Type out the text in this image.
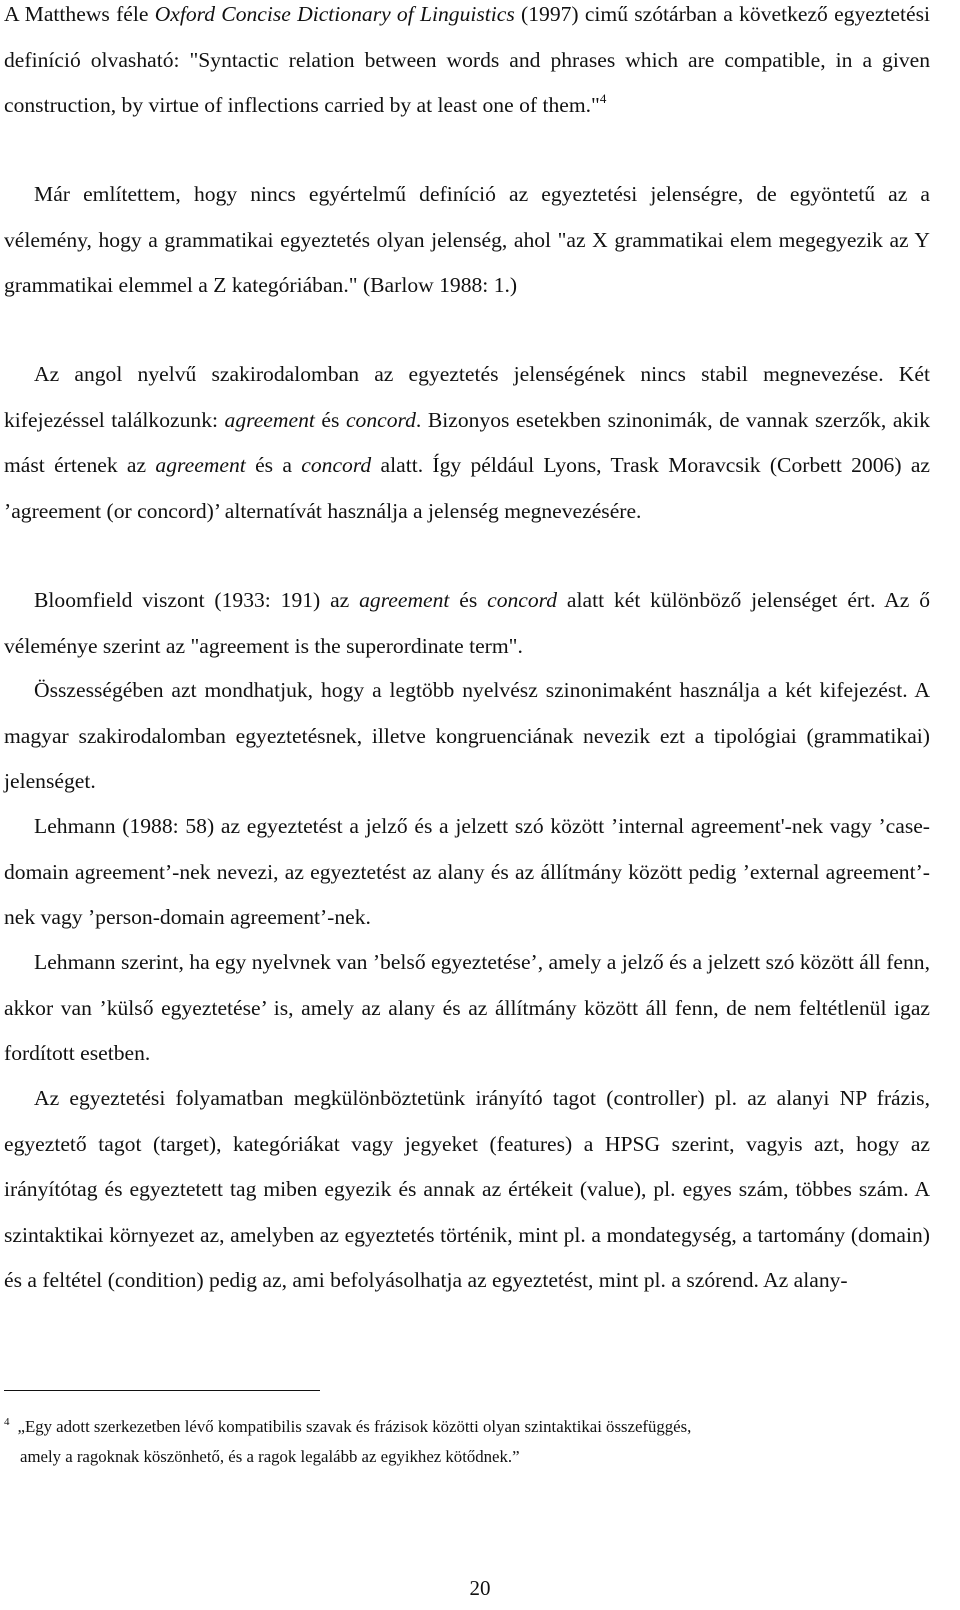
A Matthews féle Oxford Concise Dictionary of Linguistics (1997) cimű szótárban a következő egyeztetési definíció olvasható: "Syntactic relation between words and phrases which are compatible, in a given construction, by virtue of inflections carried by at least one of them."$^4$

Már említettem, hogy nincs egyértelmű definíció az egyeztetési jelenségre, de egyöntetű az a vélemény, hogy a grammatikai egyeztetés olyan jelenség, ahol "az X grammatikai elem megegyezik az Y grammatikai elemmel a Z kategóriában." (Barlow 1988: 1.)

Az angol nyelvű szakirodalomban az egyeztetés jelenségének nincs stabil megnevezése. Két kifejezéssel találkozunk: agreement és concord. Bizonyos esetekben szinonimák, de vannak szerzők, akik mást értenek az agreement és a concord alatt. Így például Lyons, Trask Moravcsik (Corbett 2006) az ’agreement (or concord)’ alternatívát használja a jelenség megnevezésére.

Bloomfield viszont (1933: 191) az agreement és concord alatt két különböző jelenséget ért. Az ő véleménye szerint az "agreement is the superordinate term".

Összességében azt mondhatjuk, hogy a legtöbb nyelvész szinonimaként használja a két kifejezést. A magyar szakirodalomban egyeztetésnek, illetve kongruenciának nevezik ezt a tipológiai (grammatikai) jelenséget.

Lehmann (1988: 58) az egyeztetést a jelző és a jelzett szó között ’internal agreement'-nek vagy ’case-domain agreement’-nek nevezi, az egyeztetést az alany és az állítmány között pedig ’external agreement’-nek vagy ’person-domain agreement’-nek.

Lehmann szerint, ha egy nyelvnek van ’belső egyeztetése’, amely a jelző és a jelzett szó között áll fenn, akkor van ’külső egyeztetése’ is, amely az alany és az állítmány között áll fenn, de nem feltétlenül igaz fordított esetben.

Az egyeztetési folyamatban megkülönböztetünk irányító tagot (controller) pl. az alanyi NP frázis, egyeztető tagot (target), kategóriákat vagy jegyeket (features) a HPSG szerint, vagyis azt, hogy az irányítótag és egyeztetett tag miben egyezik és annak az értékeit (value), pl. egyes szám, többes szám. A szintaktikai környezet az, amelyben az egyeztetés történik, mint pl. a mondategység, a tartomány (domain) és a feltétel (condition) pedig az, ami befolyásolhatja az egyeztetést, mint pl. a szórend. Az alany-

$^4$ „Egy adott szerkezetben lévő kompatibilis szavak és frázisok közötti olyan szintaktikai összefüggés,
amely a ragoknak köszönhető, és a ragok legalább az egyikhez kötődnek.”
20
